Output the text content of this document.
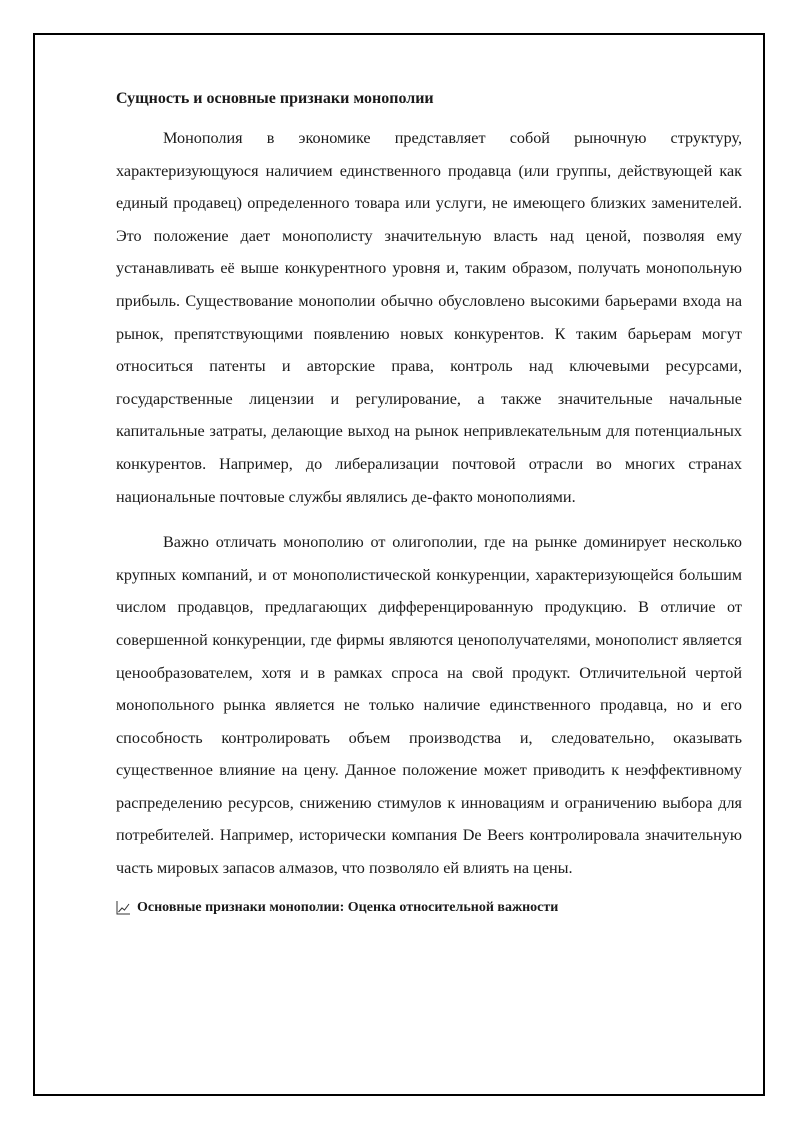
Сущность и основные признаки монополии

Монополия в экономике представляет собой рыночную структуру, характеризующуюся наличием единственного продавца (или группы, действующей как единый продавец) определенного товара или услуги, не имеющего близких заменителей. Это положение дает монополисту значительную власть над ценой, позволяя ему устанавливать её выше конкурентного уровня и, таким образом, получать монопольную прибыль. Существование монополии обычно обусловлено высокими барьерами входа на рынок, препятствующими появлению новых конкурентов. К таким барьерам могут относиться патенты и авторские права, контроль над ключевыми ресурсами, государственные лицензии и регулирование, а также значительные начальные капитальные затраты, делающие выход на рынок непривлекательным для потенциальных конкурентов. Например, до либерализации почтовой отрасли во многих странах национальные почтовые службы являлись де-факто монополиями.

Важно отличать монополию от олигополии, где на рынке доминирует несколько крупных компаний, и от монополистической конкуренции, характеризующейся большим числом продавцов, предлагающих дифференцированную продукцию. В отличие от совершенной конкуренции, где фирмы являются ценополучателями, монополист является ценообразователем, хотя и в рамках спроса на свой продукт. Отличительной чертой монопольного рынка является не только наличие единственного продавца, но и его способность контролировать объем производства и, следовательно, оказывать существенное влияние на цену. Данное положение может приводить к неэффективному распределению ресурсов, снижению стимулов к инновациям и ограничению выбора для потребителей. Например, исторически компания De Beers контролировала значительную часть мировых запасов алмазов, что позволяло ей влиять на цены.

Основные признаки монополии: Оценка относительной важности
